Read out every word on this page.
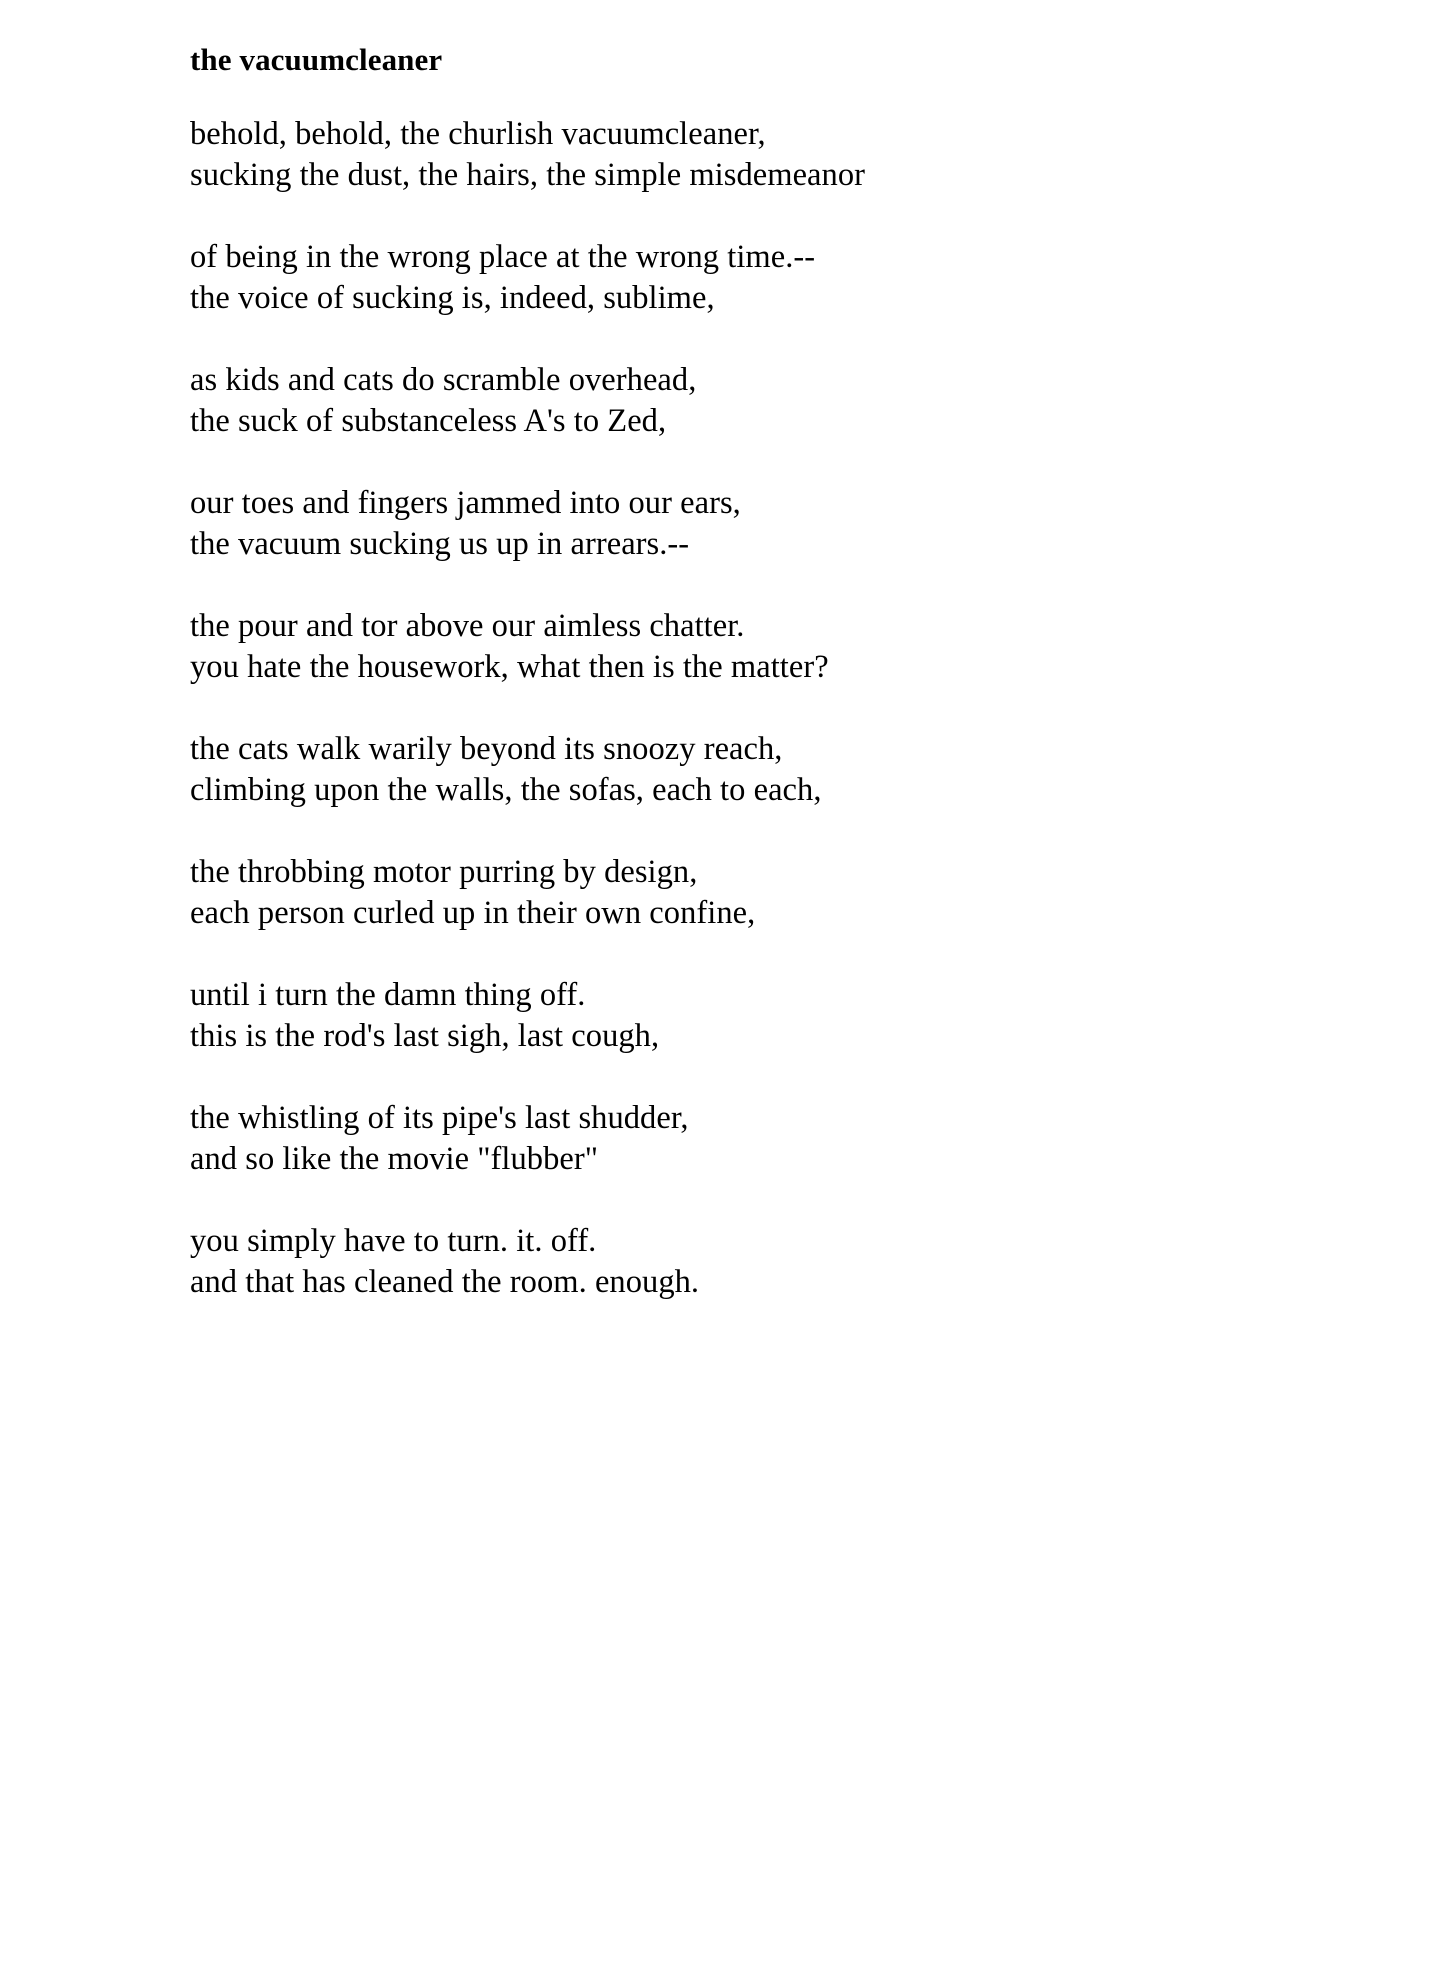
the vacuumcleaner
behold, behold, the churlish vacuumcleaner,
sucking the dust, the hairs, the simple misdemeanor
of being in the wrong place at the wrong time.--
the voice of sucking is, indeed, sublime,
as kids and cats do scramble overhead,
the suck of substanceless A's to Zed,
our toes and fingers jammed into our ears,
the vacuum sucking us up in arrears.--
the pour and tor above our aimless chatter.
you hate the housework, what then is the matter?
the cats walk warily beyond its snoozy reach,
climbing upon the walls, the sofas, each to each,
the throbbing motor purring by design,
each person curled up in their own confine,
until i turn the damn thing off.
this is the rod's last sigh, last cough,
the whistling of its pipe's last shudder,
and so like the movie "flubber"
you simply have to turn. it. off.
and that has cleaned the room. enough.
